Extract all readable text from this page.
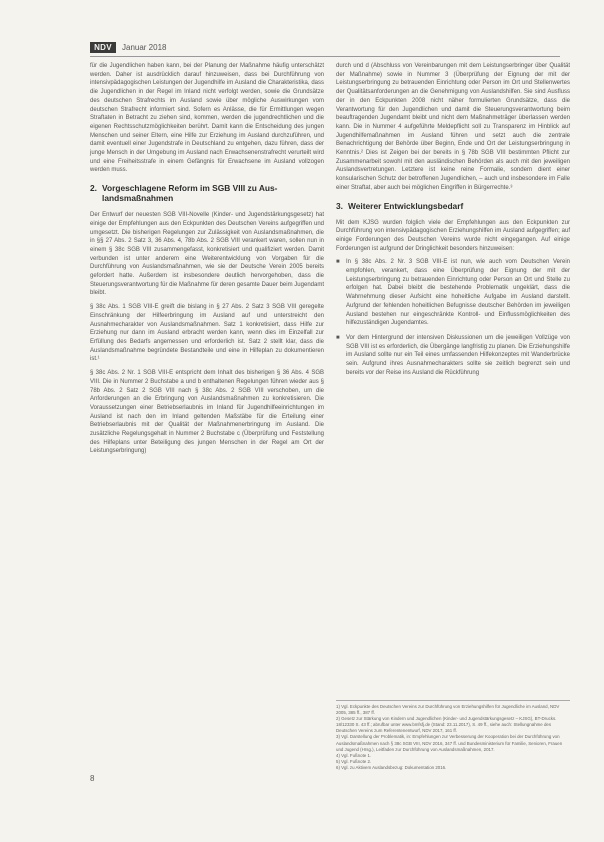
NDV	Januar 2018

für die Jugendlichen haben kann, bei der Planung der Maßnahme häufig unterschätzt werden. Daher ist ausdrücklich darauf hinzuweisen, dass bei Durchführung von intensivpädagogischen Leistungen der Jugendhilfe im Ausland die Charakteristika, dass die Jugendlichen in der Regel im Inland nicht verfolgt werden, sowie die Grundsätze des deutschen Strafrechts im Ausland sowie über mögliche Auswirkungen vom deutschen Strafrecht informiert sind. Sofern es Anlässe, die für Ermittlungen wegen Straftaten in Betracht zu ziehen sind, kommen, werden die jugendrechtlichen und die eigenen Rechtsschutzmöglichkeiten berührt. Damit kann die Entscheidung des jungen Menschen und seiner Eltern, eine Hilfe zur Erziehung im Ausland durchzuführen, und damit eventuell einer Jugendstrafe in Deutschland zu entgehen, dazu führen, dass der junge Mensch in der Umgebung im Ausland nach Erwachsenenstrafrecht verurteilt wird und eine Freiheitsstrafe in einem Gefängnis für Erwachsene im Ausland vollzogen werden muss.

2. Vorgeschlagene Reform im SGB VIII zu Aus-
landsmaßnahmen

Der Entwurf der neuesten SGB VIII-Novelle (Kinder- und Jugendstärkungsgesetz) hat einige der Empfehlungen aus den Eckpunkten des Deutschen Vereins aufgegriffen und umgesetzt. Die bisherigen Regelungen zur Zulässigkeit von Auslandsmaßnahmen, die in §§ 27 Abs. 2 Satz 3, 36 Abs. 4, 78b Abs. 2 SGB VIII verankert waren, sollen nun in einem § 38c SGB VIII zusammengefasst, konkretisiert und qualifiziert werden. Damit verbunden ist unter anderem eine Weiterentwicklung von Vorgaben für die Durchführung von Auslandsmaßnahmen, wie sie der Deutsche Verein 2005 bereits gefordert hatte. Außerdem ist insbesondere deutlich hervorgehoben, dass die Steuerungsverantwortung für die Maßnahme für deren gesamte Dauer beim Jugendamt bleibt.

§ 38c Abs. 1 SGB VIII-E greift die bislang in § 27 Abs. 2 Satz 3 SGB VIII geregelte Einschränkung der Hilfeerbringung im Ausland auf und unterstreicht den Ausnahmecharakter von Auslandsmaßnahmen. Satz 1 konkretisiert, dass Hilfe zur Erziehung nur dann im Ausland erbracht werden kann, wenn dies im Einzelfall zur Erfüllung des Bedarfs angemessen und erforderlich ist. Satz 2 stellt klar, dass die Auslandsmaßnahme begründete Bestandteile und eine in Hilfeplan zu dokumentieren ist.¹

§ 38c Abs. 2 Nr. 1 SGB VIII-E entspricht dem Inhalt des bisherigen § 36 Abs. 4 SGB VIII. Die in Nummer 2 Buchstabe a und b enthaltenen Regelungen führen wieder aus § 78b Abs. 2 Satz 2 SGB VIII nach § 38c Abs. 2 SGB VIII verschoben, um die Anforderungen an die Erbringung von Auslandsmaßnahmen zu konkretisieren. Die Voraussetzungen einer Betriebserlaubnis im Inland für Jugendhilfeeinrichtungen im Ausland ist nach den im Inland geltenden Maßstäbe für die Erteilung einer Betriebserlaubnis mit der Qualität der Maßnahmenerbringung im Ausland. Die zusätzliche Regelungsgehalt in Nummer 2 Buchstabe c (Überprüfung und Feststellung des Hilfeplans unter Beteiligung des jungen Menschen in der Regel am Ort der Leistungserbringung)

durch und d (Abschluss von Vereinbarungen mit dem Leistungserbringer über Qualität der Maßnahme) sowie in Nummer 3 (Überprüfung der Eignung der mit der Leistungserbringung zu betrauenden Einrichtung oder Person im Ort und Stellenwertes der Qualitätsanforderungen an die Genehmigung von Auslandshilfen. Sie sind Ausfluss der in den Eckpunkten 2008 nicht näher formulierten Grundsätze, dass die Verantwortung für den Jugendlichen und damit die Steuerungsverantwortung beim beauftragenden Jugendamt bleibt und nicht dem Maßnahmeträger überlassen werden kann. Die in Nummer 4 aufgeführte Meldepflicht soll zu Transparenz im Hinblick auf Jugendhilfemaßnahmen im Ausland führen und setzt auch die zentrale Benachrichtigung der Behörde über Beginn, Ende und Ort der Leistungserbringung in Kenntnis.² Dies ist Zeigen bei der bereits in § 78b SGB VIII bestimmten Pflicht zur Zusammenarbeit sowohl mit den ausländischen Behörden als auch mit den jeweiligen Auslandsvertretungen. Letztere ist keine reine Formalie, sondern dient einer konsularischen Schutz der betroffenen Jugendlichen, – auch und insbesondere im Falle einer Straftat, aber auch bei möglichen Eingriffen in Bürgerrechte.³

3. Weiterer Entwicklungsbedarf

Mit dem KJSG wurden folglich viele der Empfehlungen aus den Eckpunkten zur Durchführung von intensivpädagogischen Erziehungshilfen im Ausland aufgegriffen; auf einige Forderungen des Deutschen Vereins wurde nicht eingegangen. Auf einige Forderungen ist aufgrund der Dringlichkeit besonders hinzuweisen:

■ In § 38c Abs. 2 Nr. 3 SGB VIII-E ist nun, wie auch vom Deutschen Verein empfohlen, verankert, dass eine Überprüfung der Eignung der mit der Leistungserbringung zu betrauenden Einrichtung oder Person an Ort und Stelle zu erfolgen hat. Dabei bleibt die bestehende Problematik ungeklärt, dass die Wahrnehmung dieser Aufsicht eine hoheitliche Aufgabe im Ausland darstellt. Aufgrund der fehlenden hoheitlichen Befugnisse deutscher Behörden im jeweiligen Ausland bestehen nur eingeschränkte Kontroll- und Einflussmöglichkeiten des hilfezuständigen Jugendamtes.
■ Vor dem Hintergrund der intensiven Diskussionen um die jeweiligen Vollzüge von SGB VIII ist es erforderlich, die Übergänge langfristig zu planen. Die Erziehungshilfe im Ausland sollte nur ein Teil eines umfassenden Hilfekonzeptes mit Wanderbrücke sein. Aufgrund ihres Ausnahmecharakters sollte sie zeitlich begrenzt sein und bereits vor der Reise ins Ausland die Rückführung

1) Vgl. Eckpunkte des Deutschen Vereins zur Durchführung von Erziehungshilfen für Jugendliche im Ausland, NDV 2005, 385 ff., 387 ff.

2) Gesetz zur Stärkung von Kindern und Jugendlichen (Kinder- und Jugendstärkungsgesetz – KJSG), BT-Drucks. 18/12330 S. 43 ff.; abrufbar unter www.bmfsfj.de (Stand: 23.11.2017), S. 49 ff., siehe auch: Stellungnahme des Deutschen Vereins zum Referentenentwurf, NDV 2017, 161 ff.

3) Vgl. Darstellung der Problematik, in: Empfehlungen zur Verbesserung der Kooperation bei der Durchführung von Auslandsmaßnahmen nach § 38c SGB VIII, NDV 2016, 347 ff. und Bundesministerium für Familie, Senioren, Frauen und Jugend (Hrsg.), Leitfaden zur Durchführung von Auslandsmaßnahmen, 2017.

4) Vgl. Fußnote 1.

5) Vgl. Fußnote 2.

6) Vgl. zu Aktivem Auslandsbezug: Dokumentation 2016.

8
